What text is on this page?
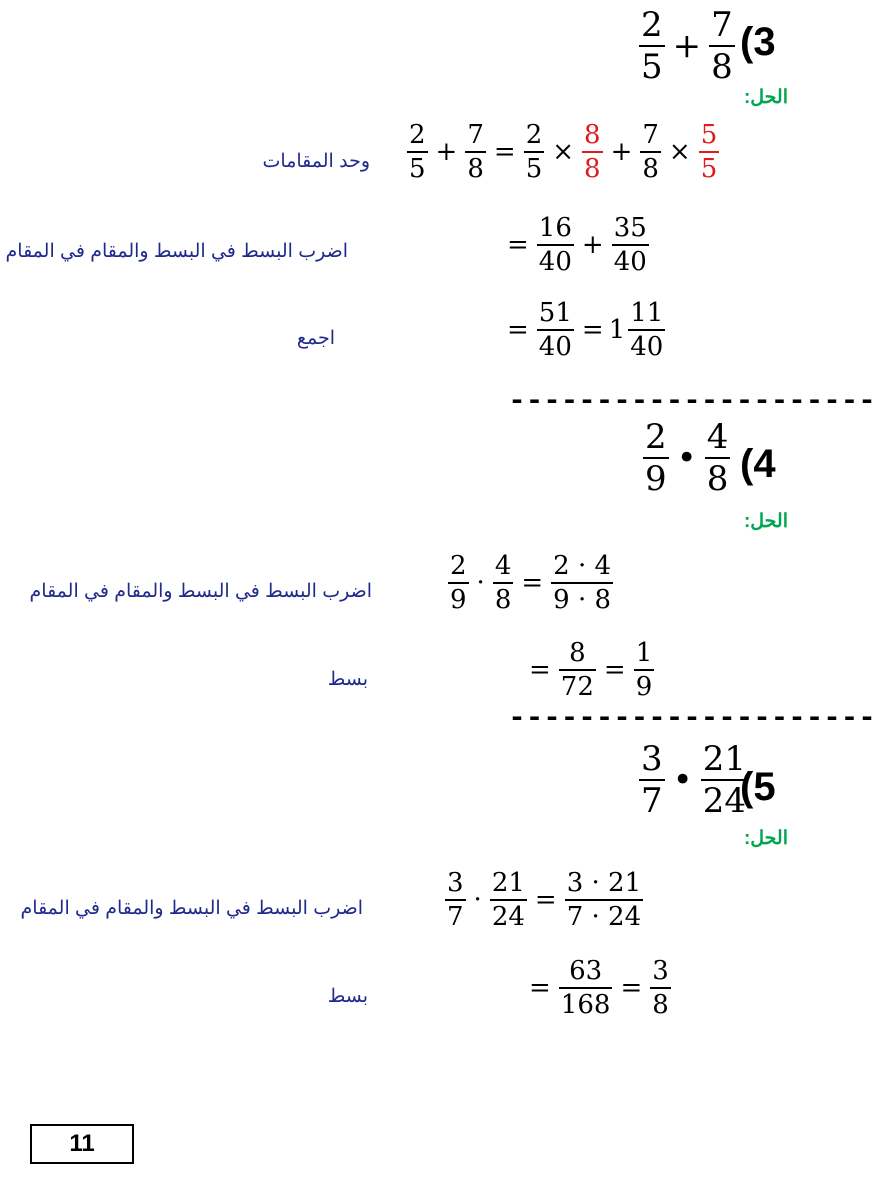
$\frac{2}{5} + \frac{7}{8} (3$
الحل:
$\frac{2}{5} + \frac{7}{8} = \frac{2}{5} \times \frac{8}{8} + \frac{7}{8} \times \frac{5}{5}$
وحد المقامات
= $\frac{16}{40} + \frac{35}{40}$
اضرب البسط في البسط والمقام في المقام
= $\frac{51}{40} = 1 \frac{11}{40}$
اجمع
---------------------
$\frac{2}{9}$ • $\frac{4}{8} (4$
الحل:
$\frac{2}{9} \cdot \frac{4}{8} = \frac{2 \cdot 4}{9 \cdot 8}$
اضرب البسط في البسط والمقام في المقام
= $\frac{8}{72} = \frac{1}{9}$
بسط
---------------------
$\frac{3}{7}$ • $\frac{21}{24}$
(5
الحل:
$\frac{3}{7} \cdot \frac{21}{24} = \frac{3 \cdot 21}{7 \cdot 24}$
اضرب البسط في البسط والمقام في المقام
= $\frac{63}{168} = \frac{3}{8}$
بسط
11
